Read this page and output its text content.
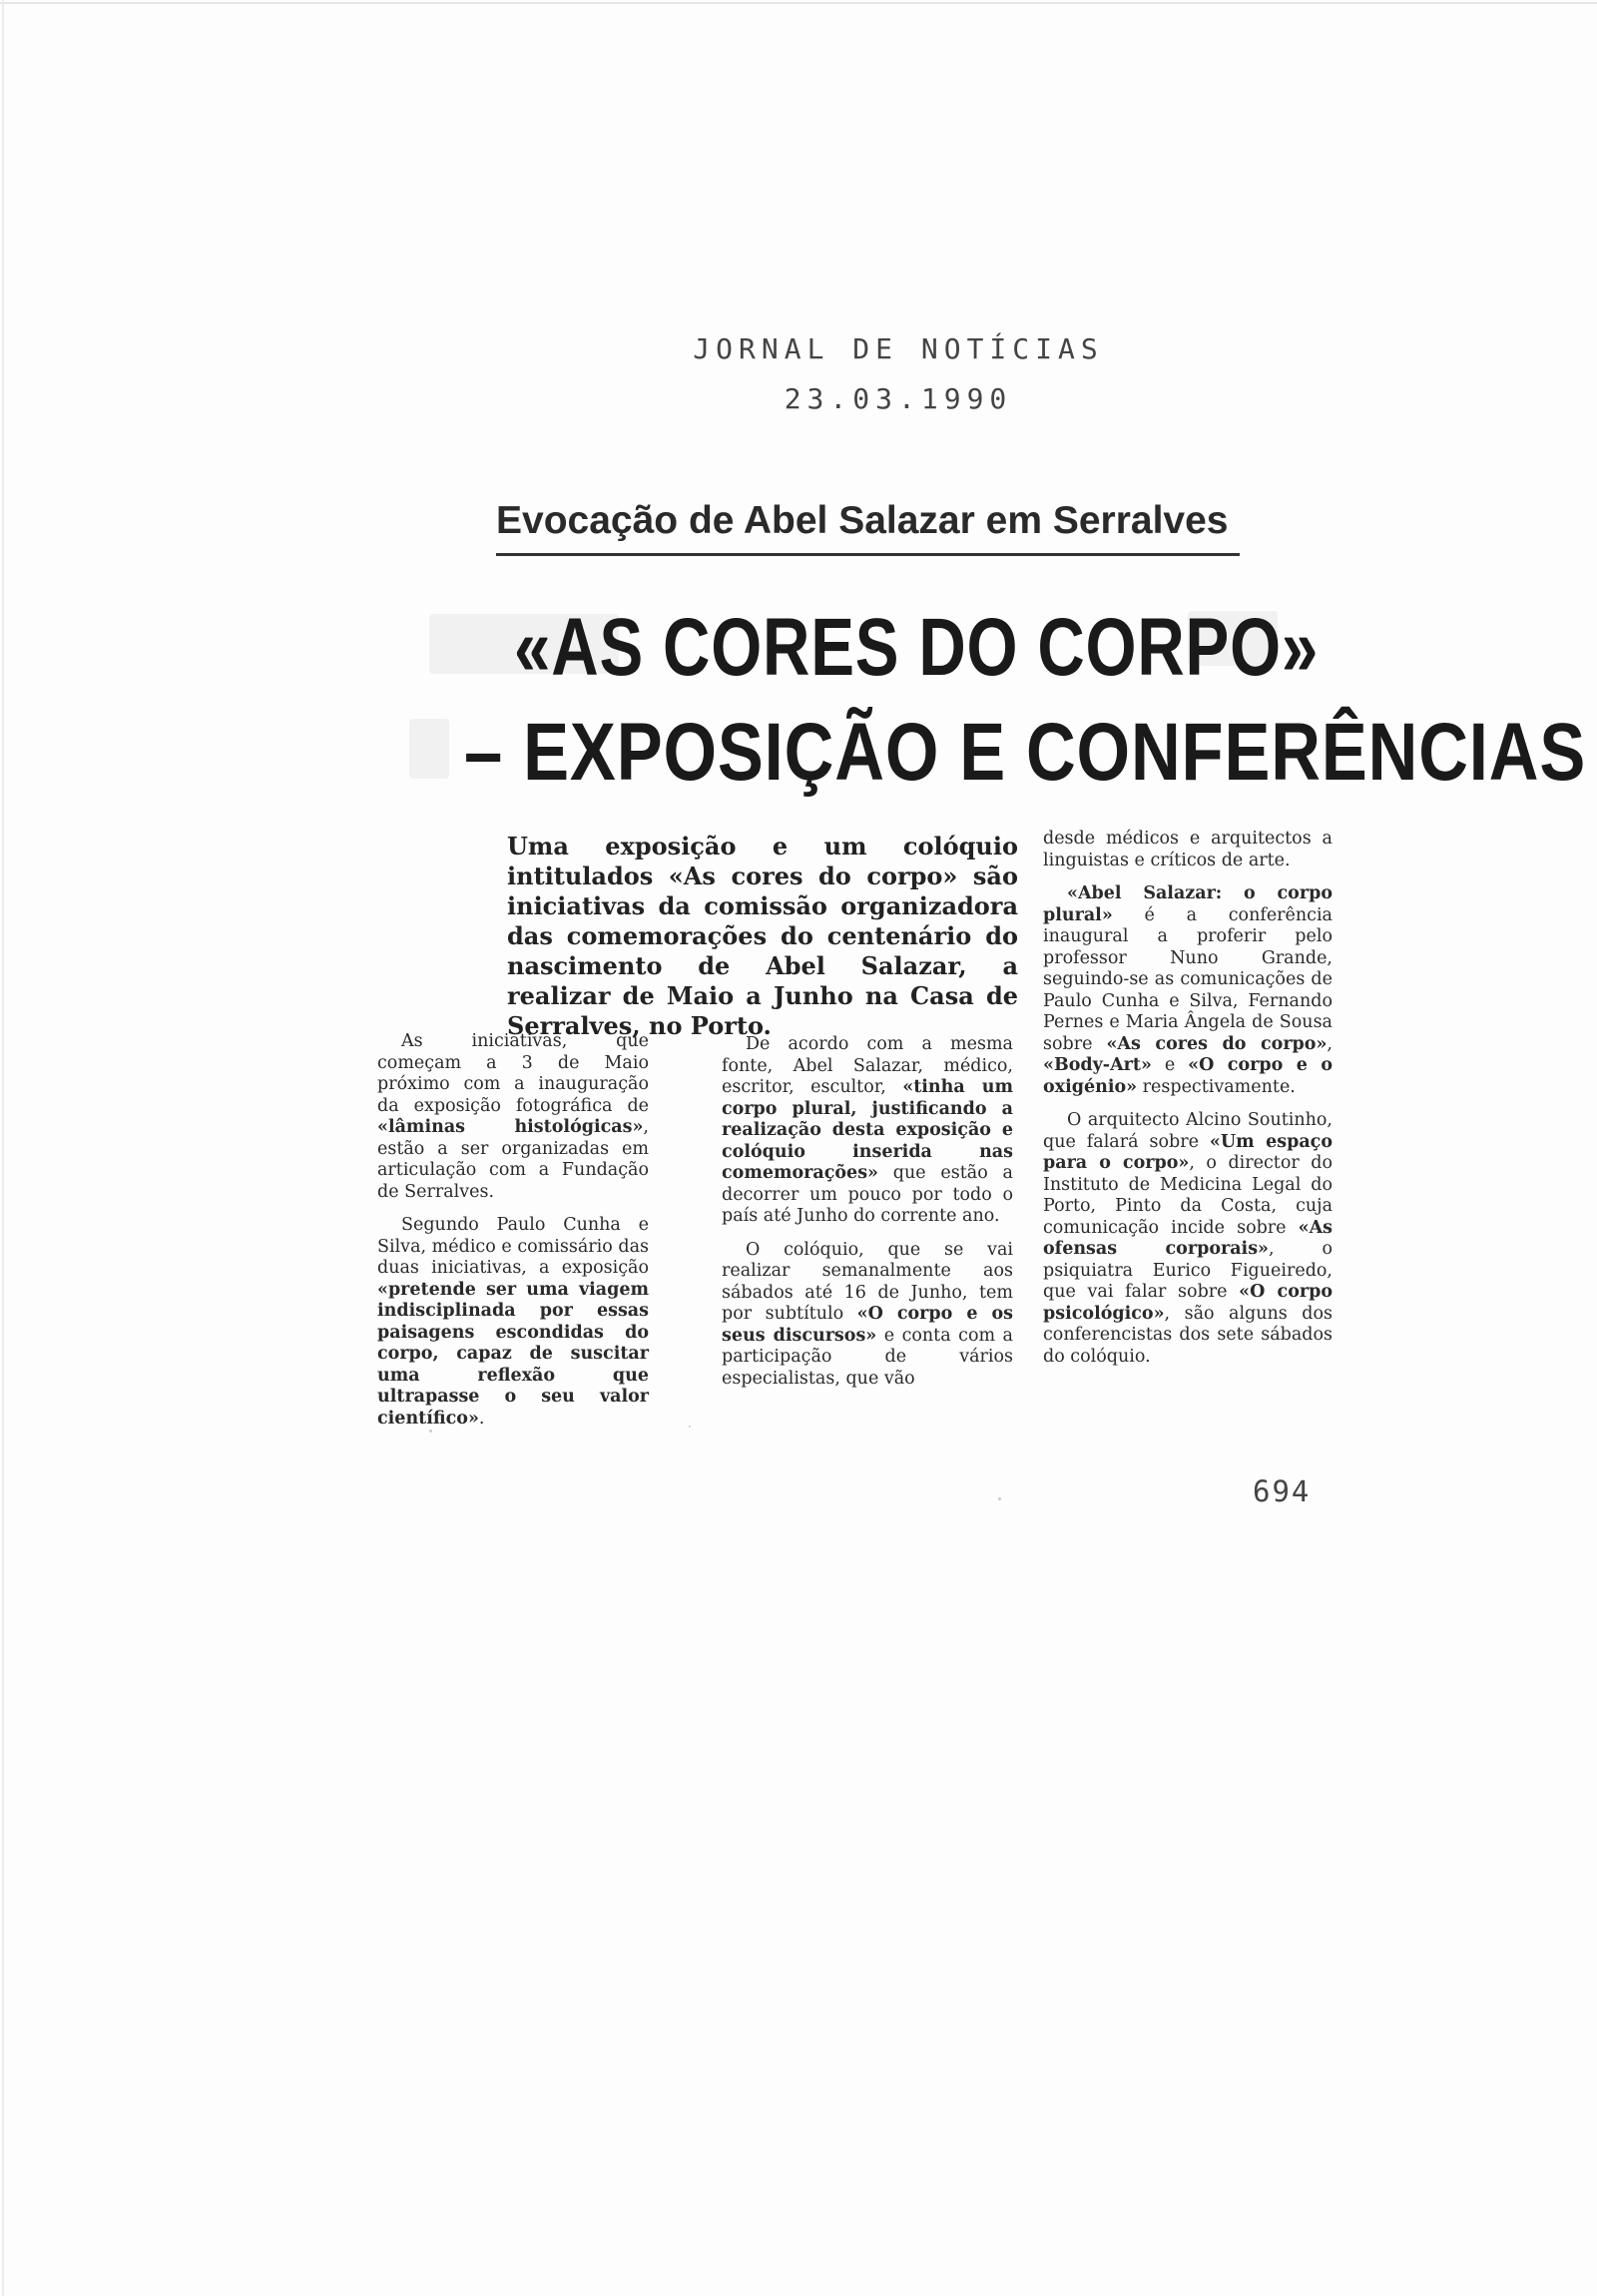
JORNAL DE NOTÍCIAS
23.03.1990
Evocação de Abel Salazar em Serralves
«AS CORES DO CORPO»
– EXPOSIÇÃO E CONFERÊNCIAS
Uma exposição e um colóquio intitulados «As cores do corpo» são iniciativas da comissão organizadora das comemorações do centenário do nascimento de Abel Salazar, a realizar de Maio a Junho na Casa de Serralves, no Porto.

As iniciativas, que começam a 3 de Maio próximo com a inauguração da exposição fotográfica de «lâminas histológicas», estão a ser organizadas em articulação com a Fundação de Serralves.

Segundo Paulo Cunha e Silva, médico e comissário das duas iniciativas, a exposição «pretende ser uma viagem indisciplinada por essas paisagens escondidas do corpo, capaz de suscitar uma reflexão que ultrapasse o seu valor científico».

De acordo com a mesma fonte, Abel Salazar, médico, escritor, escultor, «tinha um corpo plural, justificando a realização desta exposição e colóquio inserida nas comemorações» que estão a decorrer um pouco por todo o país até Junho do corrente ano.

O colóquio, que se vai realizar semanalmente aos sábados até 16 de Junho, tem por subtítulo «O corpo e os seus discursos» e conta com a participação de vários especialistas, que vão

desde médicos e arquitectos a linguistas e críticos de arte.

«Abel Salazar: o corpo plural» é a conferência inaugural a proferir pelo professor Nuno Grande, seguindo-se as comunicações de Paulo Cunha e Silva, Fernando Pernes e Maria Ângela de Sousa sobre «As cores do corpo», «Body-Art» e «O corpo e o oxigénio» respectivamente.

O arquitecto Alcino Soutinho, que falará sobre «Um espaço para o corpo», o director do Instituto de Medicina Legal do Porto, Pinto da Costa, cuja comunicação incide sobre «As ofensas corporais», o psiquiatra Eurico Figueiredo, que vai falar sobre «O corpo psicológico», são alguns dos conferencistas dos sete sábados do colóquio.

694
